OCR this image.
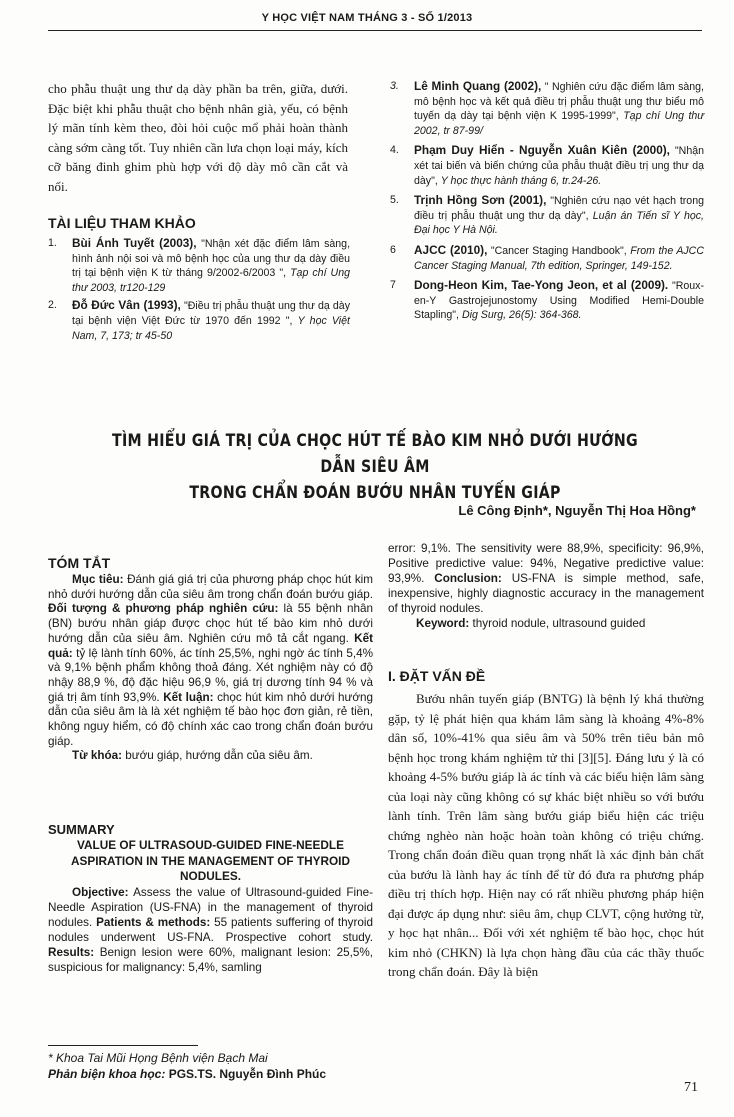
Y HỌC VIỆT NAM THÁNG 3 - SỐ 1/2013
cho phẫu thuật ung thư dạ dày phần ba trên, giữa, dưới. Đặc biệt khi phẫu thuật cho bệnh nhân già, yếu, có bệnh lý mãn tính kèm theo, đòi hỏi cuộc mổ phải hoàn thành càng sớm càng tốt. Tuy nhiên cần lưa chọn loại máy, kích cỡ băng đinh ghim phù hợp với độ dày mô cần cắt và nối.
TÀI LIỆU THAM KHẢO
1.	Bùi Ánh Tuyết (2003), "Nhận xét đặc điểm lâm sàng, hình ảnh nội soi và mô bệnh học của ung thư dạ dày điều trị tại bệnh viện K từ tháng 9/2002-6/2003 ", Tạp chí Ung thư 2003, tr120-129
2.	Đỗ Đức Vân (1993), "Điều trị phẫu thuật ung thư dạ dày tại bệnh viện Việt Đức từ 1970 đến 1992 ", Y học Việt Nam, 7, 173; tr 45-50
3.	Lê Minh Quang (2002), " Nghiên cứu đặc điểm lâm sàng, mô bệnh học và kết quả điều trị phẫu thuật ung thư biểu mô tuyến dạ dày tại bệnh viện K 1995-1999", Tạp chí Ung thư 2002, tr 87-99/
4.	Phạm Duy Hiển - Nguyễn Xuân Kiên (2000), "Nhận xét tai biến và biến chứng của phẫu thuật điều trị ung thư dạ dày", Y học thực hành tháng 6, tr.24-26.
5.	Trịnh Hồng Sơn (2001), "Nghiên cứu nạo vét hạch trong điều trị phẫu thuật ung thư dạ dày", Luận án Tiến sĩ Y học, Đại học Y Hà Nội.
6	AJCC (2010), "Cancer Staging Handbook", From the AJCC Cancer Staging Manual, 7th edition, Springer, 149-152.
7	Dong-Heon Kim, Tae-Yong Jeon, et al (2009). "Roux-en-Y Gastrojejunostomy Using Modified Hemi-Double Stapling", Dig Surg, 26(5): 364-368.
TÌM HIỂU GIÁ TRỊ CỦA CHỌC HÚT TẾ BÀO KIM NHỎ DƯỚI HƯỚNG DẪN SIÊU ÂM
TRONG CHẨN ĐOÁN BƯỚU NHÂN TUYẾN GIÁP
Lê Công Định*, Nguyễn Thị Hoa Hồng*
TÓM TẮT

Mục tiêu: Đánh giá giá trị của phương pháp chọc hút kim nhỏ dưới hướng dẫn của siêu âm trong chẩn đoán bướu giáp. Đối tượng & phương pháp nghiên cứu: là 55 bệnh nhân (BN) bướu nhân giáp được chọc hút tế bào kim nhỏ dưới hướng dẫn của siêu âm. Nghiên cứu mô tả cắt ngang. Kết quả: tỷ lệ lành tính 60%, ác tính 25,5%, nghi ngờ ác tính 5,4% và 9,1% bệnh phẩm không thoả đáng. Xét nghiệm này có độ nhậy 88,9 %, độ đặc hiệu 96,9 %, giá trị dương tính 94 % và giá trị âm tính 93,9%. Kết luận: chọc hút kim nhỏ dưới hướng dẫn của siêu âm là là xét nghiệm tế bào học đơn giản, rẻ tiền, không nguy hiểm, có độ chính xác cao trong chẩn đoán bướu giáp.

Từ khóa: bướu giáp, hướng dẫn của siêu âm.

SUMMARY
VALUE OF ULTRASOUD-GUIDED FINE-NEEDLE ASPIRATION IN THE MANAGEMENT OF THYROID NODULES.

Objective: Assess the value of Ultrasound-guided Fine-Needle Aspiration (US-FNA) in the management of thyroid nodules. Patients & methods: 55 patients suffering of thyroid nodules underwent US-FNA. Prospective cohort study. Results: Benign lesion were 60%, malignant lesion: 25,5%, suspicious for malignancy: 5,4%, samling

error: 9,1%. The sensitivity were 88,9%, specificity: 96,9%, Positive predictive value: 94%, Negative predictive value: 93,9%. Conclusion: US-FNA is simple method, safe, inexpensive, highly diagnostic accuracy in the management of thyroid nodules.

Keyword: thyroid nodule, ultrasound guided

I. ĐẶT VẤN ĐỀ
Bướu nhân tuyến giáp (BNTG) là bệnh lý khá thường gặp, tỷ lệ phát hiện qua khám lâm sàng là khoảng 4%-8% dân số, 10%-41% qua siêu âm và 50% trên tiêu bản mô bệnh học trong khám nghiệm tử thi [3][5]. Đáng lưu ý là có khoảng 4-5% bướu giáp là ác tính và các biểu hiện lâm sàng của loại này cũng không có sự khác biệt nhiều so với bướu lành tính. Trên lâm sàng bướu giáp biểu hiện các triệu chứng nghèo nàn hoặc hoàn toàn không có triệu chứng. Trong chẩn đoán điều quan trọng nhất là xác định bản chất của bướu là lành hay ác tính để từ đó đưa ra phương pháp điều trị thích hợp. Hiện nay có rất nhiều phương pháp hiện đại được áp dụng như: siêu âm, chụp CLVT, cộng hưởng từ, y học hạt nhân... Đối với xét nghiệm tế bào học, chọc hút kim nhỏ (CHKN) là lựa chọn hàng đầu của các thầy thuốc trong chẩn đoán. Đây là biện
* Khoa Tai Mũi Họng Bệnh viện Bạch Mai
Phản biện khoa học: PGS.TS. Nguyễn Đình Phúc
71
